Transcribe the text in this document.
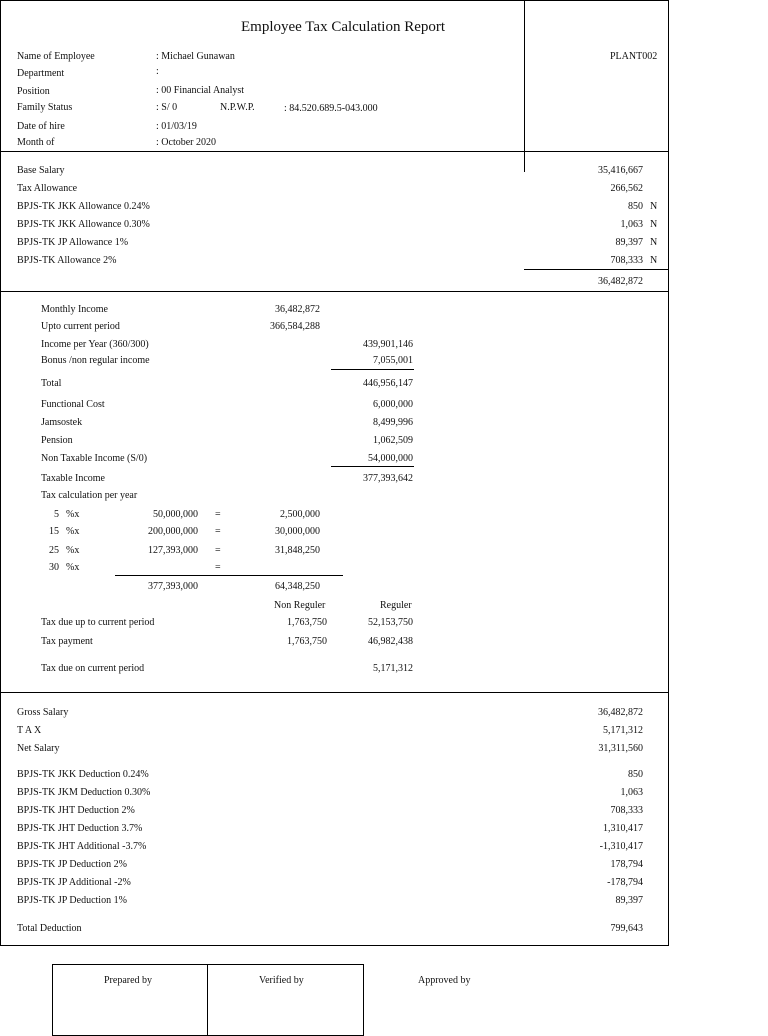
Employee Tax Calculation Report
PLANT002
Name of Employee	: Michael Gunawan
Department	:
Position	: 00 Financial Analyst
Family Status	: S/ 0	N.P.W.P.	: 84.520.689.5-043.000
Date of hire	: 01/03/19
Month of	: October 2020
Base Salary	35,416,667
Tax Allowance	266,562
BPJS-TK JKK Allowance 0.24%	850 N
BPJS-TK JKK Allowance 0.30%	1,063 N
BPJS-TK JP Allowance 1%	89,397 N
BPJS-TK Allowance 2%	708,333 N
36,482,872
Monthly Income	36,482,872
Upto current period	366,584,288
Income per Year (360/300)	439,901,146
Bonus /non regular income	7,055,001
Total	446,956,147
Functional Cost	6,000,000
Jamsostek	8,499,996
Pension	1,062,509
Non Taxable Income (S/0)	54,000,000
Taxable Income	377,393,642
Tax calculation per year
5 %x	50,000,000 =	2,500,000
15 %x	200,000,000 =	30,000,000
25 %x	127,393,000 =	31,848,250
30 %x	=
377,393,000	64,348,250
Non Reguler	Reguler
Tax due up to current period	1,763,750	52,153,750
Tax payment	1,763,750	46,982,438
Tax due on current period	5,171,312
Gross Salary	36,482,872
T A X	5,171,312
Net Salary	31,311,560
BPJS-TK JKK Deduction 0.24%	850
BPJS-TK JKM Deduction 0.30%	1,063
BPJS-TK JHT Deduction 2%	708,333
BPJS-TK JHT Deduction 3.7%	1,310,417
BPJS-TK JHT Additional -3.7%	-1,310,417
BPJS-TK JP Deduction 2%	178,794
BPJS-TK JP Additional -2%	-178,794
BPJS-TK JP Deduction 1%	89,397
Total Deduction	799,643
Prepared by	Verified by	Approved by
